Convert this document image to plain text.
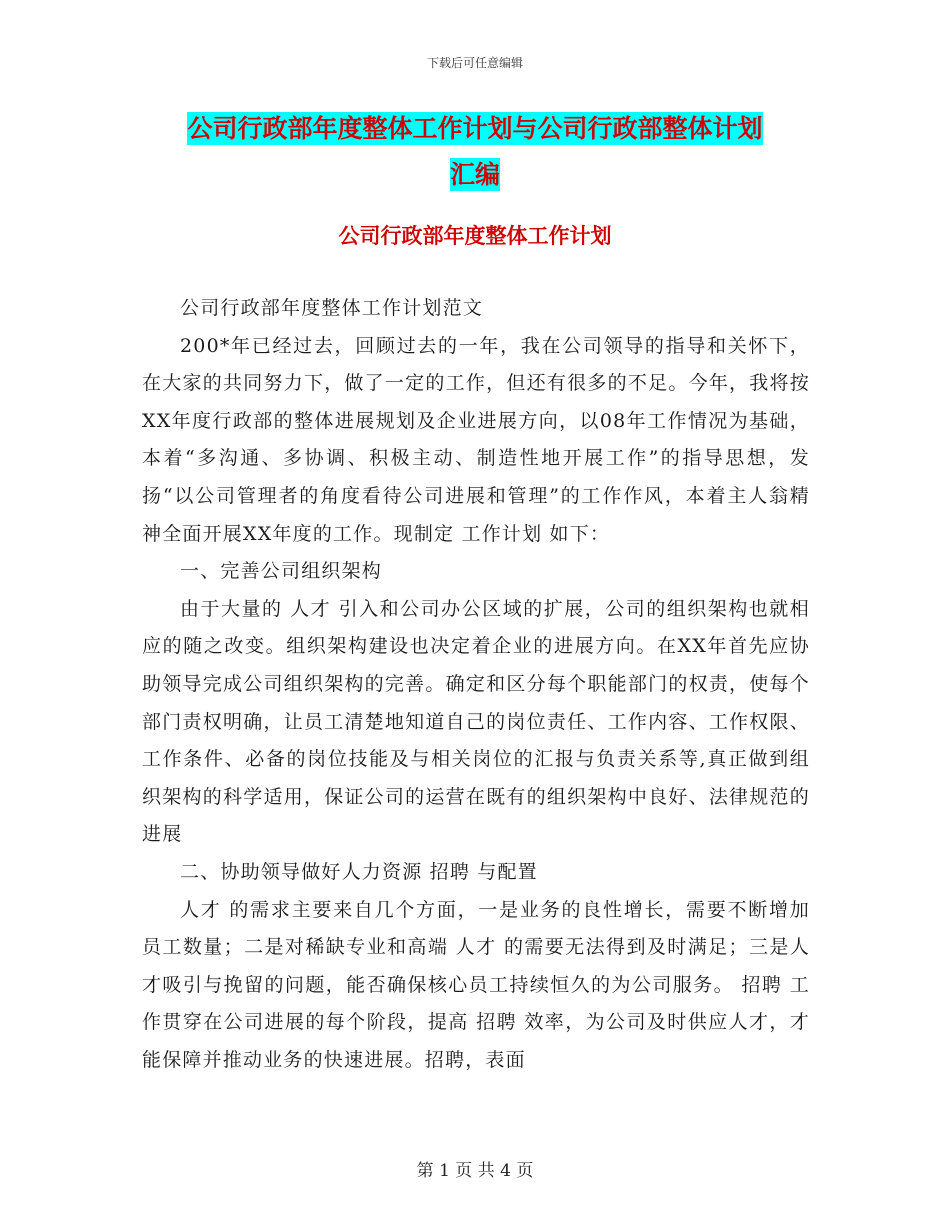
下载后可任意编辑
公司行政部年度整体工作计划与公司行政部整体计划
汇编
公司行政部年度整体工作计划

公司行政部年度整体工作计划范文

200*年已经过去，回顾过去的一年，我在公司领导的指导和关怀下，在大家的共同努力下，做了一定的工作，但还有很多的不足。今年，我将按XX年度行政部的整体进展规划及企业进展方向，以08年工作情况为基础，本着“多沟通、多协调、积极主动、制造性地开展工作”的指导思想，发扬“以公司管理者的角度看待公司进展和管理”的工作作风，本着主人翁精神全面开展XX年度的工作。现制定 工作计划 如下：

一、完善公司组织架构

由于大量的 人才 引入和公司办公区域的扩展，公司的组织架构也就相应的随之改变。组织架构建设也决定着企业的进展方向。在XX年首先应协助领导完成公司组织架构的完善。确定和区分每个职能部门的权责，使每个部门责权明确，让员工清楚地知道自己的岗位责任、工作内容、工作权限、工作条件、必备的岗位技能及与相关岗位的汇报与负责关系等,真正做到组织架构的科学适用，保证公司的运营在既有的组织架构中良好、法律规范的进展

二、协助领导做好人力资源 招聘 与配置

人才 的需求主要来自几个方面，一是业务的良性增长，需要不断增加员工数量；二是对稀缺专业和高端 人才 的需要无法得到及时满足；三是人才吸引与挽留的问题，能否确保核心员工持续恒久的为公司服务。 招聘 工作贯穿在公司进展的每个阶段，提高 招聘 效率，为公司及时供应人才，才能保障并推动业务的快速进展。招聘，表面

第 1 页 共 4 页
